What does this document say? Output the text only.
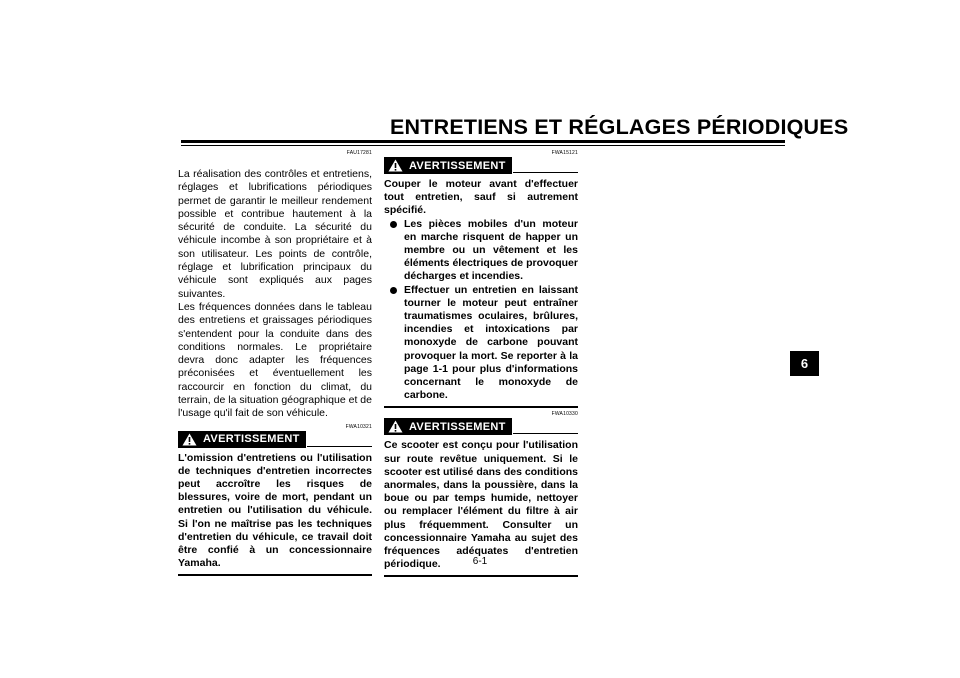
ENTRETIENS ET RÉGLAGES PÉRIODIQUES
FAU17281

La réalisation des contrôles et entretiens, réglages et lubrifications périodiques permet de garantir le meilleur rendement possible et contribue hautement à la sécurité de conduite. La sécurité du véhicule incombe à son propriétaire et à son utilisateur. Les points de contrôle, réglage et lubrification principaux du véhicule sont expliqués aux pages suivantes.

Les fréquences données dans le tableau des entretiens et graissages périodiques s'entendent pour la conduite dans des conditions normales. Le propriétaire devra donc adapter les fréquences préconisées et éventuellement les raccourcir en fonction du climat, du terrain, de la situation géographique et de l'usage qu'il fait de son véhicule.

FWA10321
AVERTISSEMENT
L'omission d'entretiens ou l'utilisation de techniques d'entretien incorrectes peut accroître les risques de blessures, voire de mort, pendant un entretien ou l'utilisation du véhicule. Si l'on ne maîtrise pas les techniques d'entretien du véhicule, ce travail doit être confié à un concessionnaire Yamaha.
FWA15121
AVERTISSEMENT
Couper le moteur avant d'effectuer tout entretien, sauf si autrement spécifié.
Les pièces mobiles d'un moteur en marche risquent de happer un membre ou un vêtement et les éléments électriques de provoquer décharges et incendies.
Effectuer un entretien en laissant tourner le moteur peut entraîner traumatismes oculaires, brûlures, incendies et intoxications par monoxyde de carbone pouvant provoquer la mort. Se reporter à la page 1-1 pour plus d'informations concernant le monoxyde de carbone.
FWA10330
AVERTISSEMENT
Ce scooter est conçu pour l'utilisation sur route revêtue uniquement. Si le scooter est utilisé dans des conditions anormales, dans la poussière, dans la boue ou par temps humide, nettoyer ou remplacer l'élément du filtre à air plus fréquemment. Consulter un concessionnaire Yamaha au sujet des fréquences adéquates d'entretien périodique.
6
6-1
